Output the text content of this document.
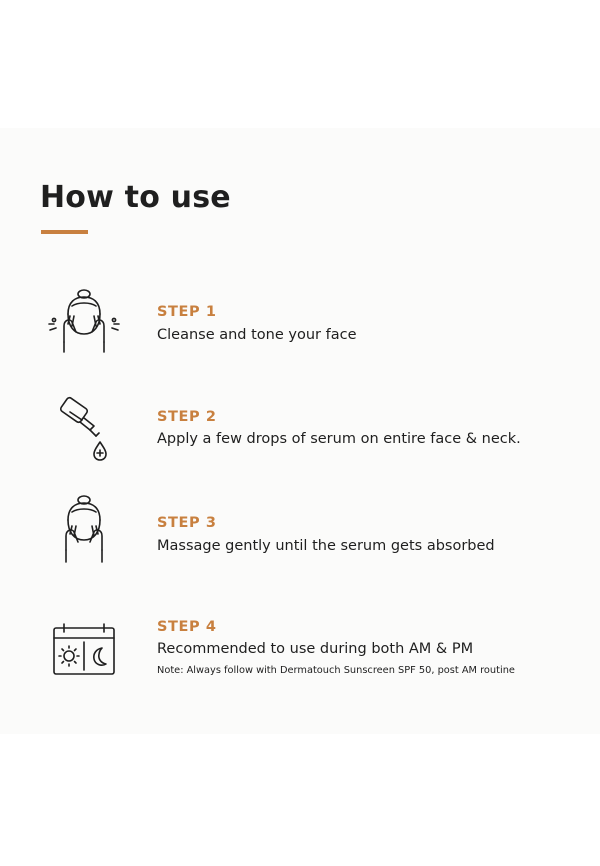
How to use
STEP 1
Cleanse and tone your face
STEP 2
Apply a few drops of serum on entire face & neck.
STEP 3
Massage gently until the serum gets absorbed
STEP 4
Recommended to use during both AM & PM
Note: Always follow with Dermatouch Sunscreen SPF 50, post AM routine
